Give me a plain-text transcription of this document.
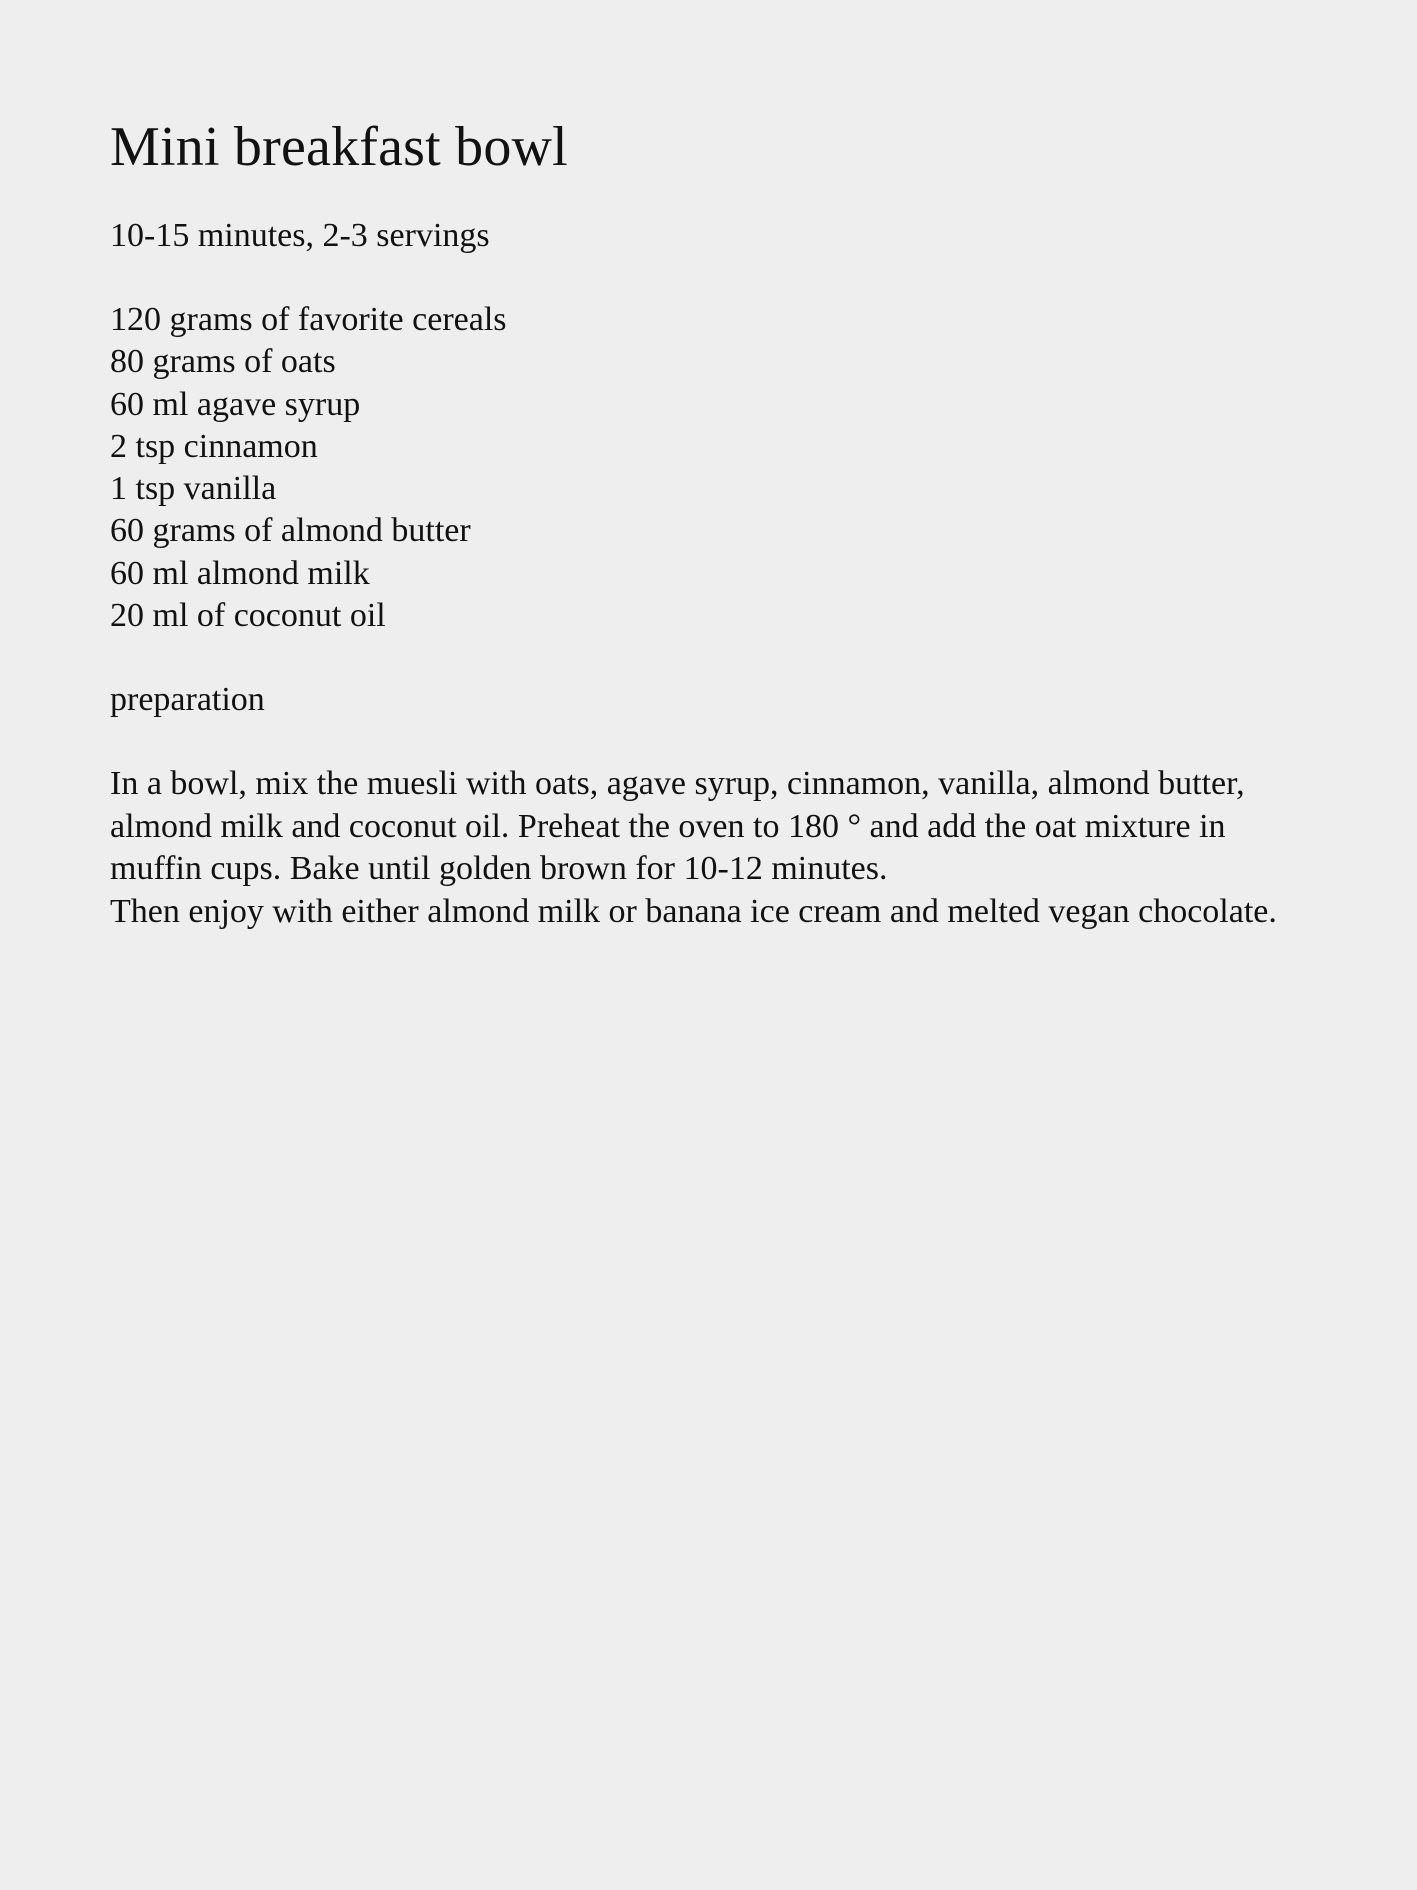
Mini breakfast bowl
10-15 minutes, 2-3 servings
120 grams of favorite cereals
80 grams of oats
60 ml agave syrup
2 tsp cinnamon
1 tsp vanilla
60 grams of almond butter
60 ml almond milk
20 ml of coconut oil
preparation

In a bowl, mix the muesli with oats, agave syrup, cinnamon, vanilla, almond butter, almond milk and coconut oil. Preheat the oven to 180 ° and add the oat mixture in muffin cups. Bake until golden brown for 10-12 minutes.

Then enjoy with either almond milk or banana ice cream and melted vegan chocolate.
